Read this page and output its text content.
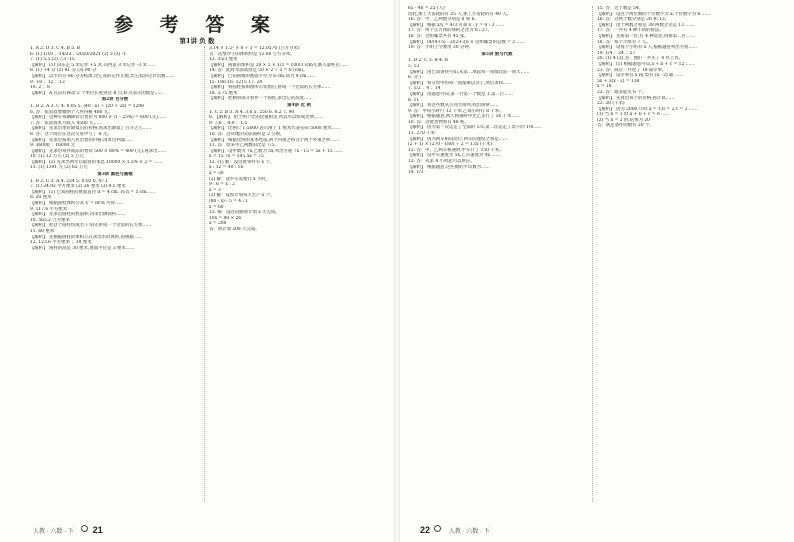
参 考 答 案
第1讲 负 数
1. A 2. D 3. C 4. B 5. B
6. (1) 1/10 , -14/23 , -2020/2021 (2) 5 (3) -1
7. (1) 5.5 (2) 7.3 -15
【解析】 (1) 向东走 5 米记作 +5 米,向西走 3 米记作 -3 米……
8. (1) +4 分 (2) 81 分 (3) 90 分
【解析】 以平均分 86 分为标准,比它高的记作正数,比它低的记作负数……
9. +8 ；12 ；12
10. 2 ；8
【解析】 A 点向右移动 2 个单位长度到达 B 点,B 点表示的数是……
第2讲 百分数
1. D 2. A 3. C 4. 0.05 5. (40 - x) ÷ (20 + 2x) = 1200
6. 答：张叔叔要缴纳个人所得税 480 元。
【解析】 这种车每辆降价后售价为 800 × (1 - 25%) = 600 (元)……
7. 答：张叔叔本月收入 4500 元……
【解析】 先求出单价降低后的价格,再求出降低了百分之几……
8. 答：这个商店在这次交易中亏了 8 元。
【解析】 先求出按照八折出售的价格,再求出利润……
9. 36000 ；16000 元
【解析】 先求出每件商品的售价 500 × 80% = 400 (元),再求出……
10. (1) 12 万元 (2) 5 万元
【解析】 (1) 先求出两年后取得的本息 10000 × 1.5% × 2 = ……
11. (1) 1391 元 (2) 65 万元
第3讲 圆柱与圆锥
1. B 2. C 3. A 4. 224 5. 0.02 6. 47.1
7. (1) 24.92 平方厘米 (2) 26 厘米 (3) 9.5 厘米
【解析】 (1) 已知圆柱的底面直径 d = 4 cm, 高 h = 5 cm……
8. 20 厘米
【解析】 根据圆柱体积公式 V = πr²h 可得……
9. 117.6 平方厘米
【解析】 先求出圆柱的底面积,再求出侧面积……
10. 565.2 立方厘米
【解析】 把这个圆柱切成若干等份,拼成一个近似的长方体……
11. 60 厘米
【解析】 先根据圆柱的体积公式求出水的体积,再根据……
12. 123.6 平方厘米 ；18 厘米
【解析】 圆柱的高是 30 厘米,底面半径是 3 厘米……
3.14 × 1.2² × 8 ÷ 3 = 12.0576 (立方分米)
答：这堆沙子的体积约是 12.06 立方分米。
13. 35/3 厘米
【解析】 圆锥的体积是 20 × 5 × 1/3 = 100/3 (cm³),倒入量杯后……
14. 答：此时水面高度是 20 × 2 ÷ 5 = 8 (cm)。
【解析】 已知圆锥的底面半径为 6 cm,高为 9 cm……
15. 18π 16. 1215 17. 24
【解析】 将圆柱按如图所示切割后,拼成一个近似的长方体……
18. 3.75 厘米
【解析】 把剩余部分看作一个圆柱,求出它的高度……
第4讲 比 例
1. C 2. B 3. A 4. 3.6 5. 250 6. 6.2 7. 90
8. 【解析】 由于两个比的比值相等,所以可以组成比例……
9. 7:6 ；4:9 ；1:5
【解析】 比例尺 1:5000 表示图上 1 厘米代表实际 5000 厘米……
10. 答：这块地的实际面积是 2 公顷。
【解析】 根据比例的基本性质,两个内项之积等于两个外项之积……
11. 答：原来甲乙两数的比是 7:5。
【解析】 设甲数为 7x,乙数为 5x,列出方程 7x - 15 = 5x + 15 ……
x = 15 7x = 105 5x = 75
12. (1) 解：设这批零件有 x 个。
x : 12 = 40 : 16
x = 30
(2) 解：设甲车需要行 x 小时。
9 : 6 = x : 2
x = 3
(3) 解：设原计划每天生产 x 个。
(80 - x) : 5 = 4 : 1
x = 60
13. 解：设这段路原计划 x 天完成。
10x = 80 × 26
x = 208
答：原计划 208 天完成。
人教 · 六数 · 下 21
65 - 40 = 25 (人)
因此,加工大齿轮的有 25 人,加工小齿轮的有 40 人。
16. 答：甲、乙两数分别是 8 和 6。
【解析】 根据 x/y = 4/3 可知 x : y = 4 : 3 ……
17. 答：两个正方体的体积之比为 8 : 27。
18. 答：这组邮票共有 45 张。
【解析】 (4/(4+5) - 2/(2+3)) × 这组邮票的总数 = 2 ……
19. 答：小明上学要用 30 分钟。
第5讲 数与代数
1. D 2. C 3. B 4. B
5. 13
【解析】 由已知条件可知,从第二项起每一项都比前一项大……
6. 分子
【解析】 将分母中的每一项都乘以分子,然后求和……
7. 1/2 ；4 ；14
【解析】 由题意可知,第一行第一个数是 1,第二行……
8. 11
【解析】 将这些数从小到大排列,找出规律……
9. 答：甲每小时行 12 千米,乙每小时行 8 千米。
【解析】 根据题意,两人相遇时甲比乙多行了 16 千米……
10. 答：这批货物原有 48 吨。
【解析】 因为第一次运走了全部的 1/3,第二次运走了余下的 1/4……
11. 270 千米
【解析】 因为两车相向而行,两车的速度之和是……
(2 + 1) × (270 - 180) ÷ 2 = 135 (千米)
12. 答：甲、乙两车相遇时,甲车行了 150 千米。
【解析】 设甲车速度为 5x,乙车速度为 4x ……
13. 答：从第 4 小时起可以供应。
【解析】 根据题意,这些数的平均数为……
14. 1/3
15. 答：这个数是 54。
【解析】 设这个两位数的十位数字为 a,个位数字为 b ……
16. 答：这两个数分别是 26 和 13。
【解析】 由于两数之和是 39,两数之差是 13 ……
17. 答：一共有 4 种不同的排法。
【解析】 先排第一位,有 4 种选法,再排第二位……
18. 答：每个小组有 7 人。
【解析】 设每个小组有 x 人,根据题意列出方程……
19. 1/4 ；24 ；27
20. (1) 4 (2) 答：他们一共买了 4 件上衣。
【解析】 (1) 根据题意可知,a + b + c = 12 ……
21. 答：商店一共进了 18 箱苹果。
【解析】 设苹果有 x 箱,梨有 (x - 2) 箱 ……
5x + 3(x - 2) = 138
x = 18
22. 答：最多能买 6 个。
【解析】 先算出每个的价格,再计算……
23. 20 (千米)
【解析】 因为 2000 年时 a = 1,b = 2,c = 3 ……
(1) 当 n = 1 时,a + b + c = 6 ……
(2) 当 n = 2 时,结果为 20
答：满足条件的数有 20 个。
22	人教 · 六数 · 下
